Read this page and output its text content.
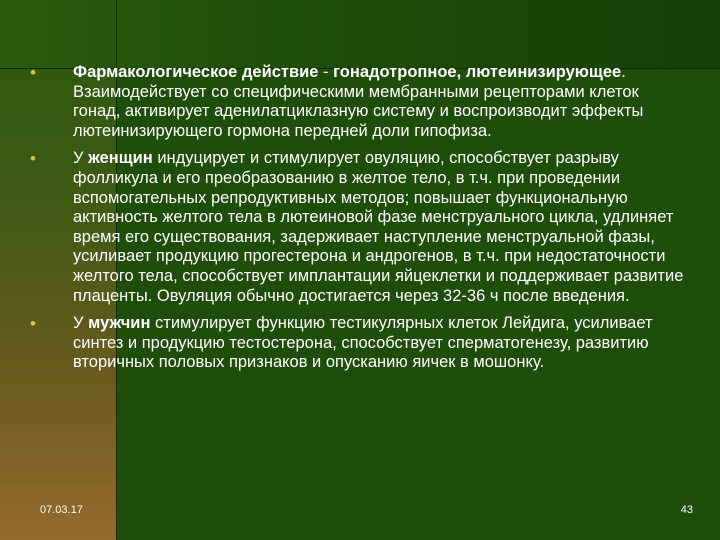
• Фармакологическое действие - гонадотропное, лютеинизирующее. Взаимодействует со специфическими мембранными рецепторами клеток гонад, активирует аденилатциклазную систему и воспроизводит эффекты лютеинизирующего гормона передней доли гипофиза.
• У женщин индуцирует и стимулирует овуляцию, способствует разрыву фолликула и его преобразованию в желтое тело, в т.ч. при проведении вспомогательных репродуктивных методов; повышает функциональную активность желтого тела в лютеиновой фазе менструального цикла, удлиняет время его существования, задерживает наступление менструальной фазы, усиливает продукцию прогестерона и андрогенов, в т.ч. при недостаточности желтого тела, способствует имплантации яйцеклетки и поддерживает развитие плаценты. Овуляция обычно достигается через 32-36 ч после введения.
• У мужчин стимулирует функцию тестикулярных клеток Лейдига, усиливает синтез и продукцию тестостерона, способствует сперматогенезу, развитию вторичных половых признаков и опусканию яичек в мошонку.
07.03.17	43
